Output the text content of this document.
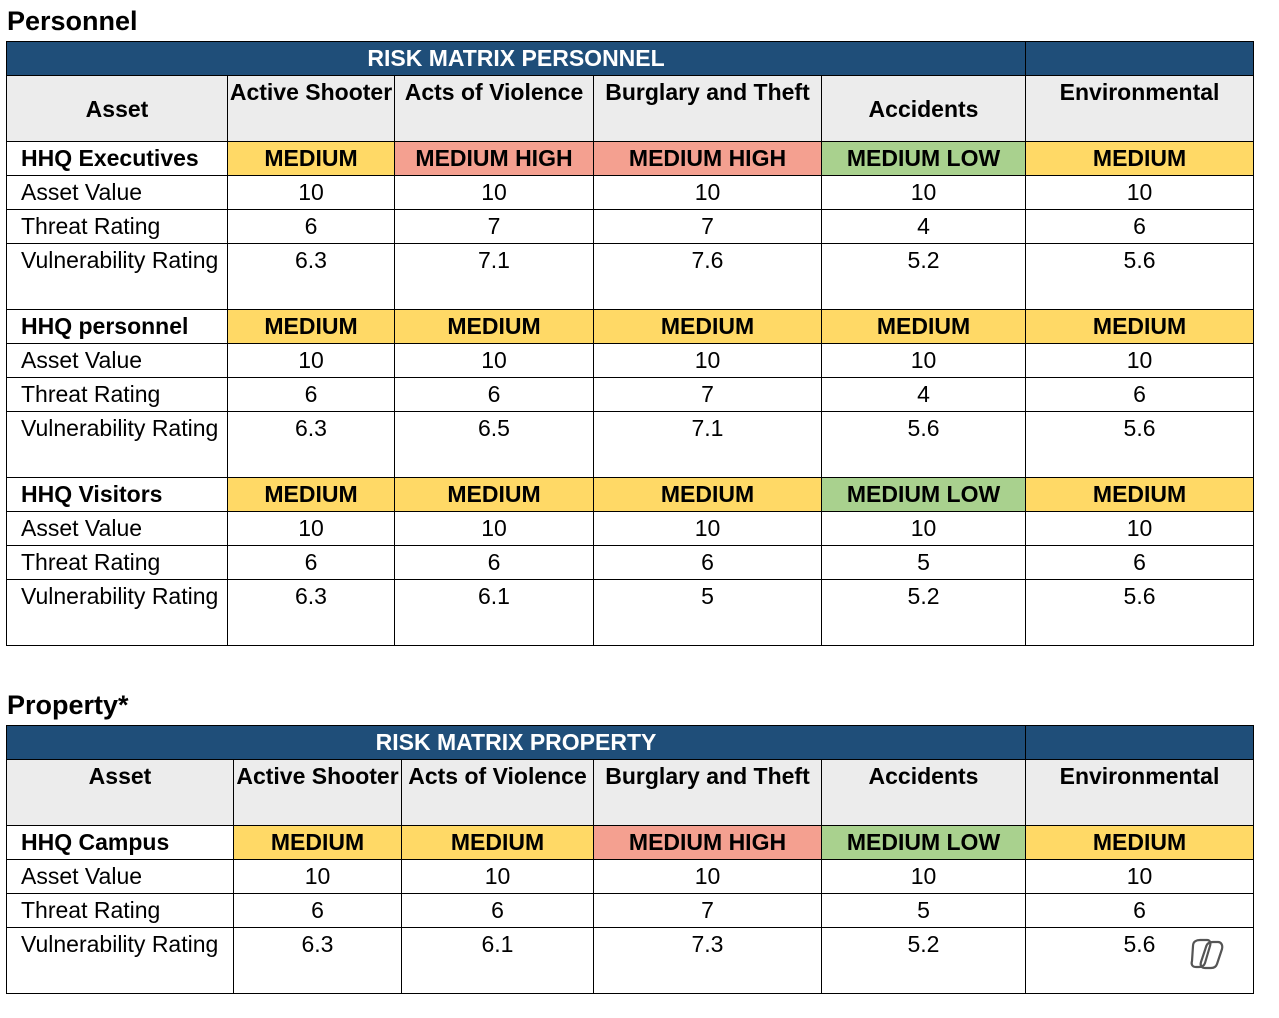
Personnel
RISK MATRIX PERSONNEL					
Asset	Active Shooter	Acts of Violence	Burglary and Theft	Accidents	Environmental
HHQ Executives	MEDIUM	MEDIUM HIGH	MEDIUM HIGH	MEDIUM LOW	MEDIUM
Asset Value	10	10	10	10	10
Threat Rating	6	7	7	4	6
Vulnerability Rating	6.3	7.1	7.6	5.2	5.6
HHQ personnel	MEDIUM	MEDIUM	MEDIUM	MEDIUM	MEDIUM
Asset Value	10	10	10	10	10
Threat Rating	6	6	7	4	6
Vulnerability Rating	6.3	6.5	7.1	5.6	5.6
HHQ Visitors	MEDIUM	MEDIUM	MEDIUM	MEDIUM LOW	MEDIUM
Asset Value	10	10	10	10	10
Threat Rating	6	6	6	5	6
Vulnerability Rating	6.3	6.1	5	5.2	5.6
Property*
RISK MATRIX PROPERTY					
Asset	Active Shooter	Acts of Violence	Burglary and Theft	Accidents	Environmental
HHQ Campus	MEDIUM	MEDIUM	MEDIUM HIGH	MEDIUM LOW	MEDIUM
Asset Value	10	10	10	10	10
Threat Rating	6	6	7	5	6
Vulnerability Rating	6.3	6.1	7.3	5.2	5.6
